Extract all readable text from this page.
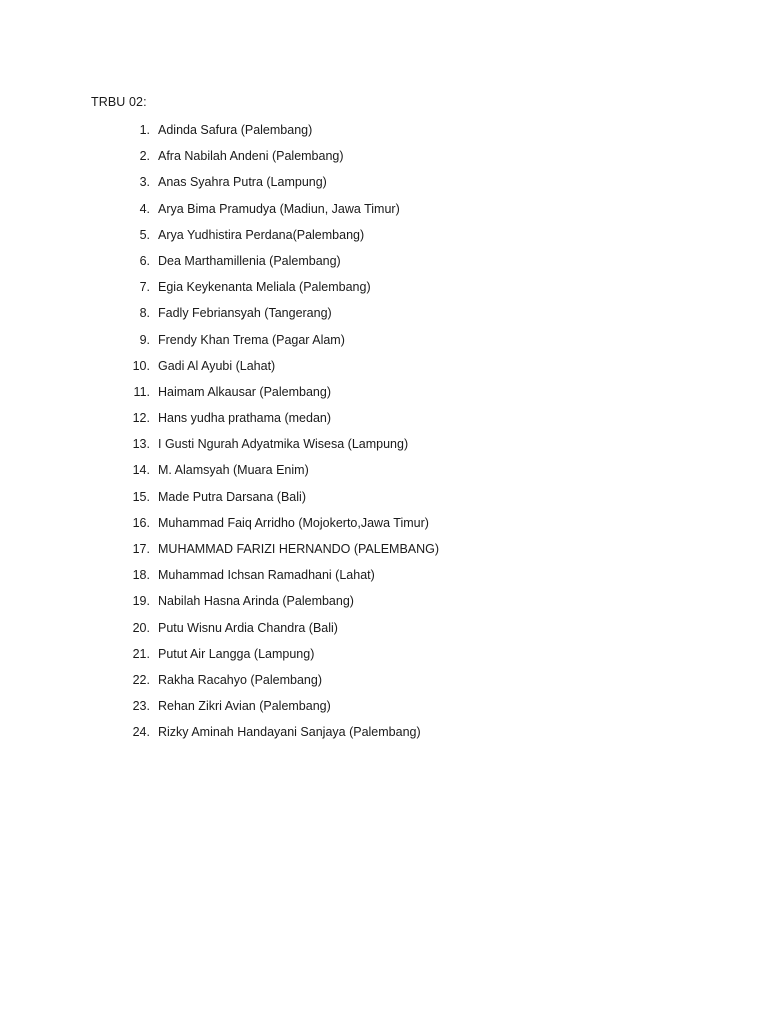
TRBU 02:
1. Adinda Safura (Palembang)
2. Afra Nabilah Andeni (Palembang)
3. Anas Syahra Putra (Lampung)
4. Arya Bima Pramudya (Madiun, Jawa Timur)
5. Arya Yudhistira Perdana(Palembang)
6. Dea Marthamillenia (Palembang)
7. Egia Keykenanta Meliala (Palembang)
8. Fadly Febriansyah (Tangerang)
9. Frendy Khan Trema (Pagar Alam)
10. Gadi Al Ayubi (Lahat)
11. Haimam Alkausar (Palembang)
12. Hans yudha prathama (medan)
13. I Gusti Ngurah Adyatmika Wisesa (Lampung)
14. M. Alamsyah (Muara Enim)
15. Made Putra Darsana (Bali)
16. Muhammad Faiq Arridho (Mojokerto,Jawa Timur)
17. MUHAMMAD FARIZI HERNANDO (PALEMBANG)
18. Muhammad Ichsan Ramadhani (Lahat)
19. Nabilah Hasna Arinda (Palembang)
20. Putu Wisnu Ardia Chandra (Bali)
21. Putut Air Langga (Lampung)
22. Rakha Racahyo (Palembang)
23. Rehan Zikri Avian (Palembang)
24. Rizky Aminah Handayani Sanjaya (Palembang)
